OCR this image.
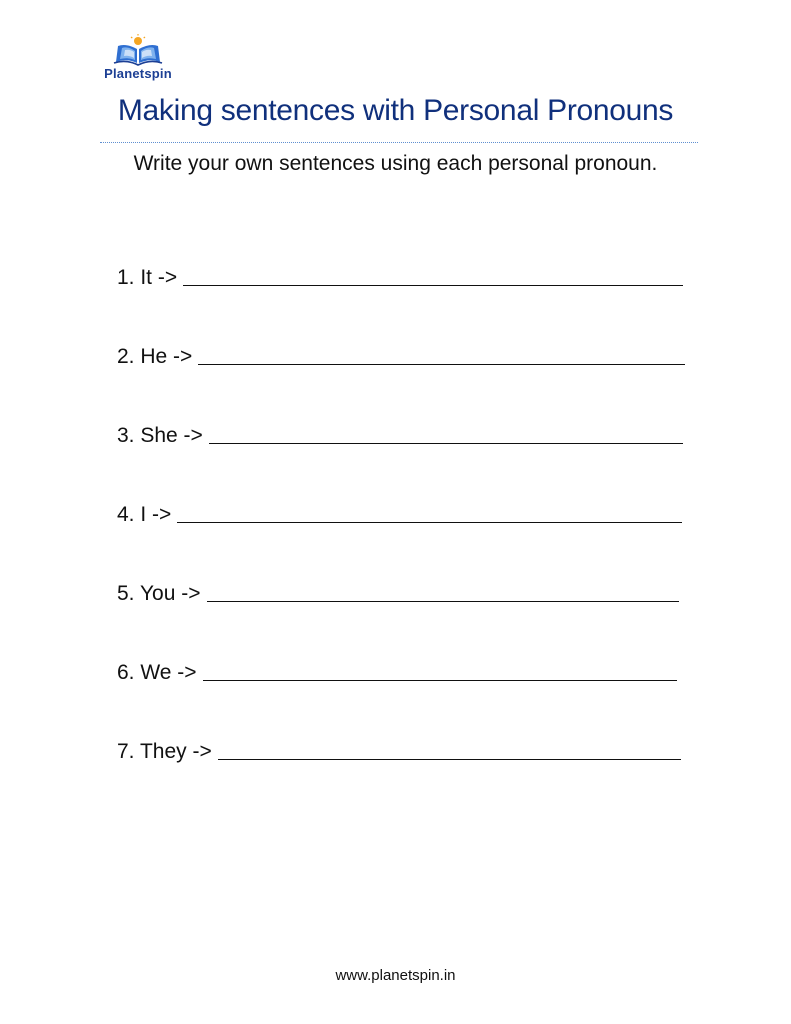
Planetspin
Making sentences with Personal Pronouns
Write your own sentences using each personal pronoun.
1. It ->
2. He ->
3. She ->
4. I ->
5. You ->
6. We ->
7. They ->
www.planetspin.in
